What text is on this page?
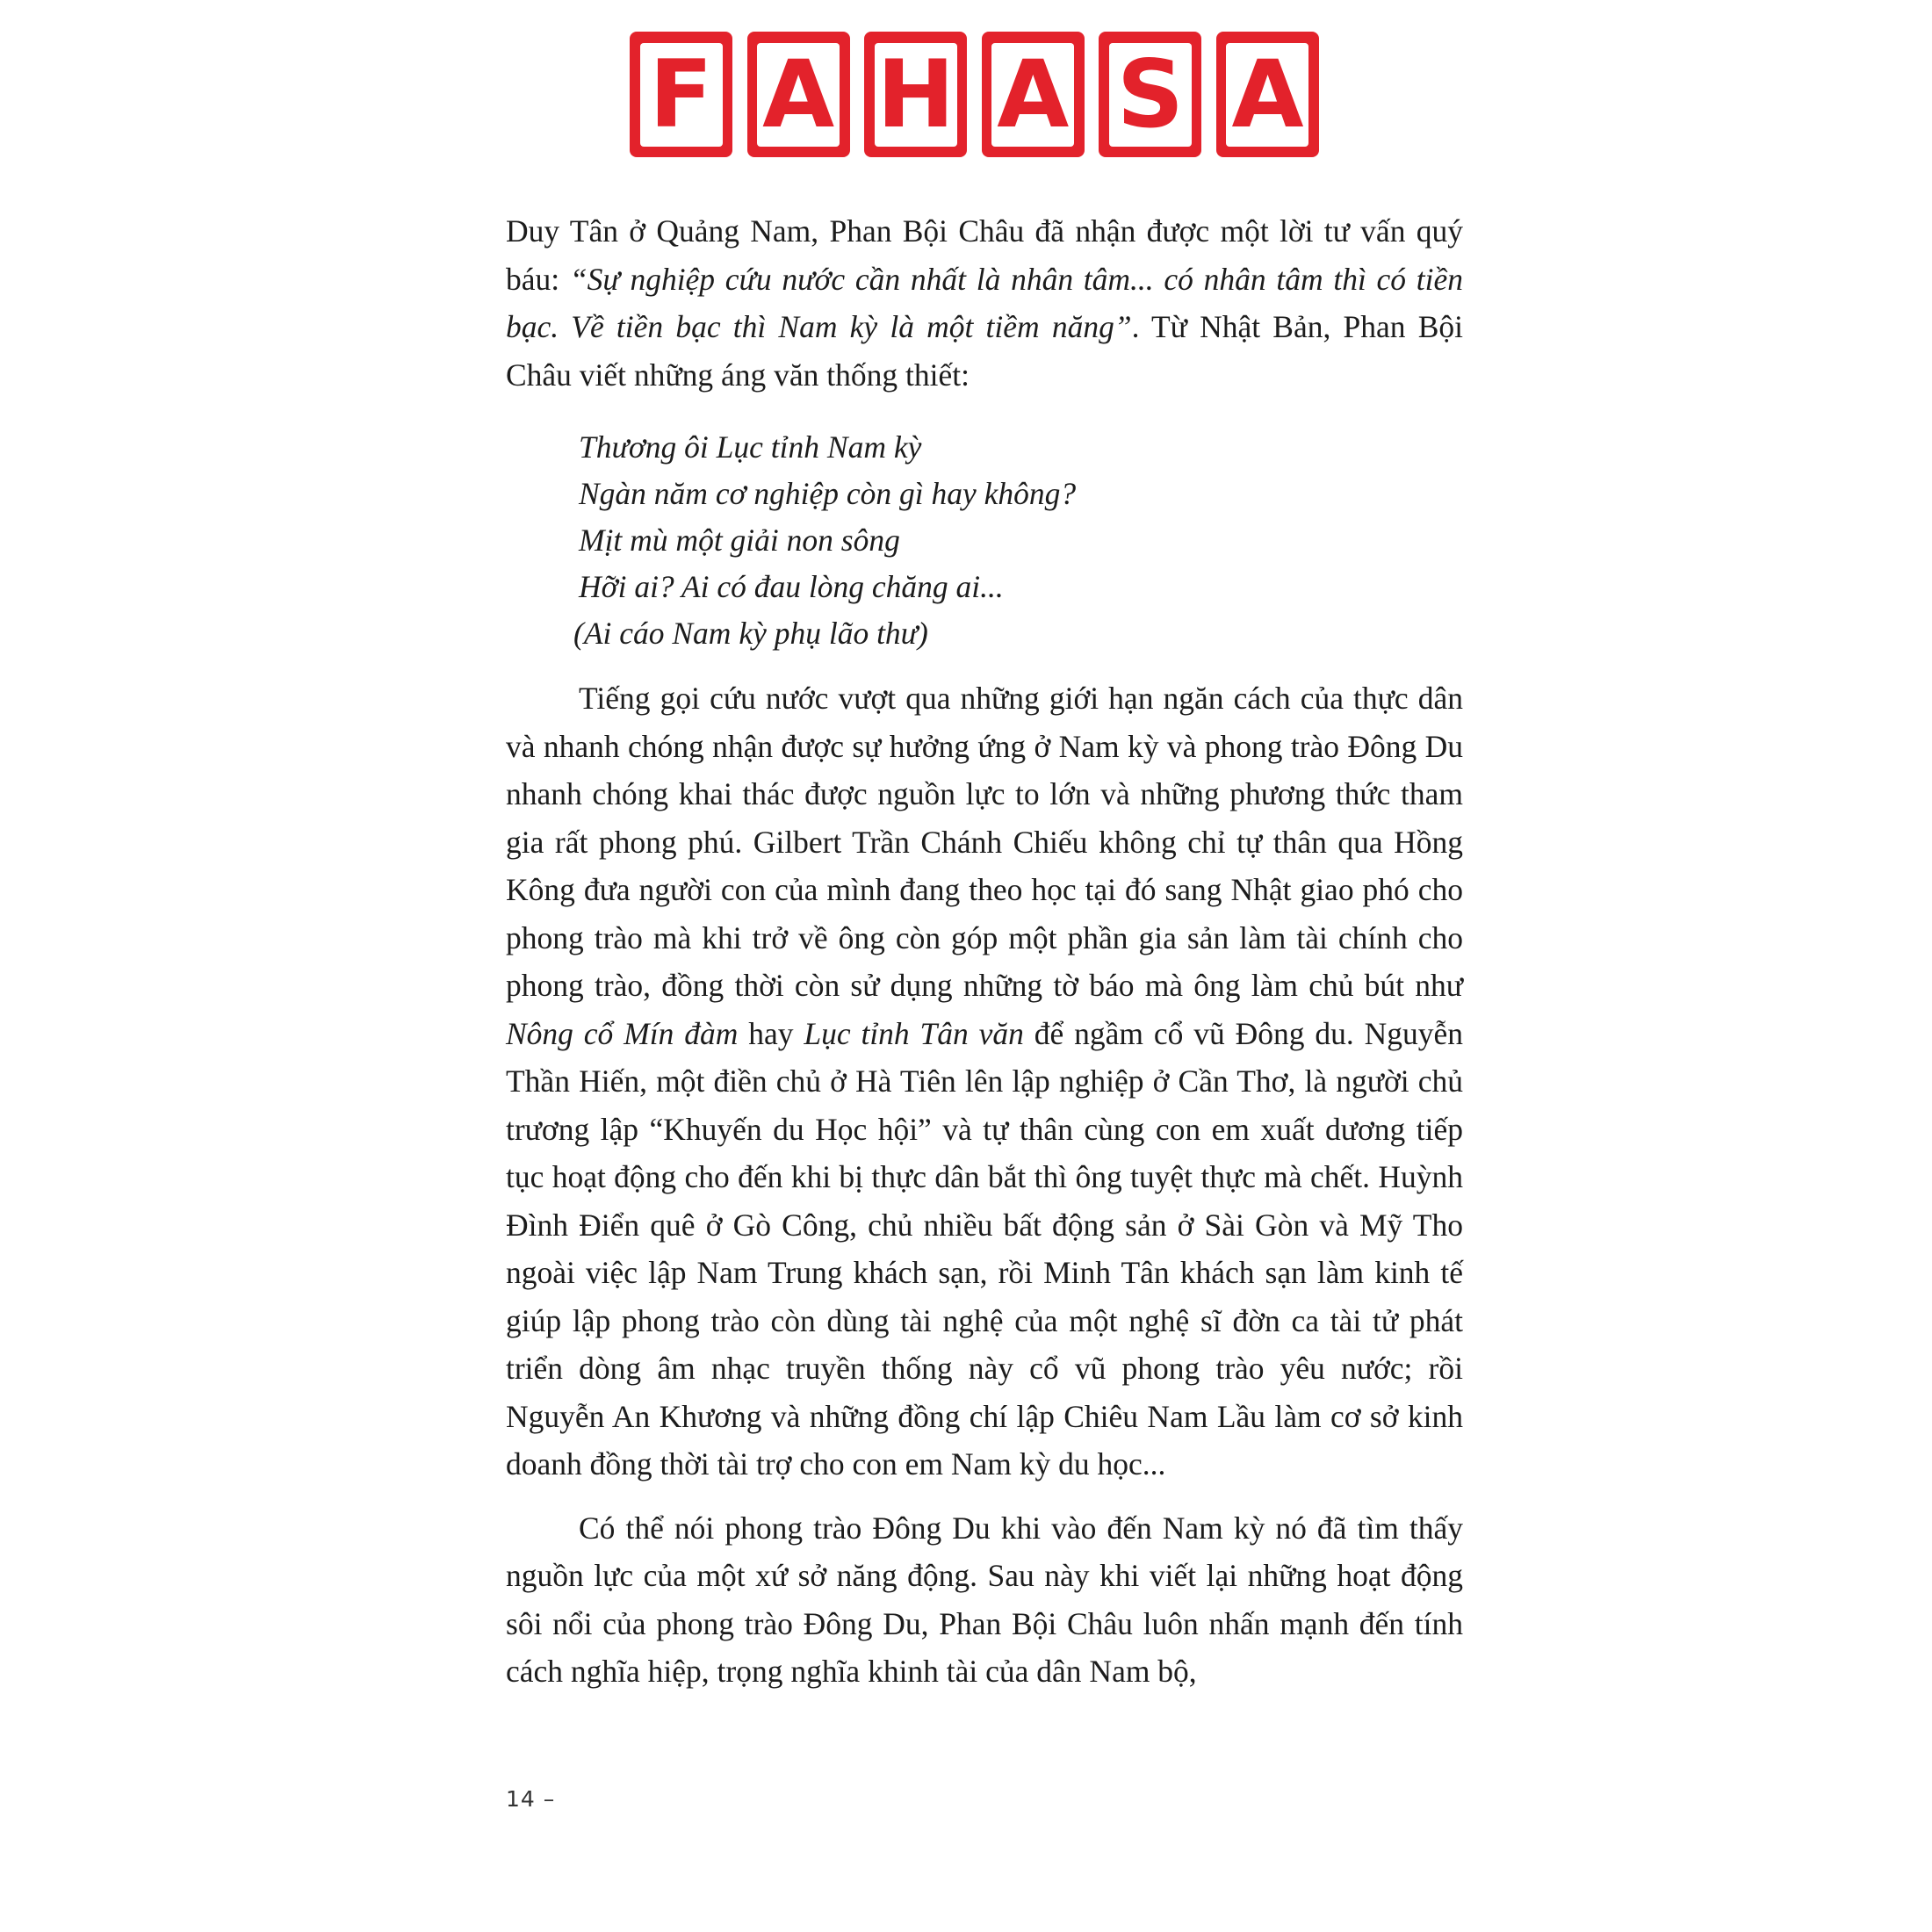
F A H A S A

Duy Tân ở Quảng Nam, Phan Bội Châu đã nhận được một lời tư vấn quý báu: “Sự nghiệp cứu nước cần nhất là nhân tâm... có nhân tâm thì có tiền bạc. Về tiền bạc thì Nam kỳ là một tiềm năng”. Từ Nhật Bản, Phan Bội Châu viết những áng văn thống thiết:

Thương ôi Lục tỉnh Nam kỳ
Ngàn năm cơ nghiệp còn gì hay không?
Mịt mù một giải non sông
Hỡi ai? Ai có đau lòng chăng ai...
(Ai cáo Nam kỳ phụ lão thư)

Tiếng gọi cứu nước vượt qua những giới hạn ngăn cách của thực dân và nhanh chóng nhận được sự hưởng ứng ở Nam kỳ và phong trào Đông Du nhanh chóng khai thác được nguồn lực to lớn và những phương thức tham gia rất phong phú. Gilbert Trần Chánh Chiếu không chỉ tự thân qua Hồng Kông đưa người con của mình đang theo học tại đó sang Nhật giao phó cho phong trào mà khi trở về ông còn góp một phần gia sản làm tài chính cho phong trào, đồng thời còn sử dụng những tờ báo mà ông làm chủ bút như Nông cổ Mín đàm hay Lục tỉnh Tân văn để ngầm cổ vũ Đông du. Nguyễn Thần Hiến, một điền chủ ở Hà Tiên lên lập nghiệp ở Cần Thơ, là người chủ trương lập “Khuyến du Học hội” và tự thân cùng con em xuất dương tiếp tục hoạt động cho đến khi bị thực dân bắt thì ông tuyệt thực mà chết. Huỳnh Đình Điển quê ở Gò Công, chủ nhiều bất động sản ở Sài Gòn và Mỹ Tho ngoài việc lập Nam Trung khách sạn, rồi Minh Tân khách sạn làm kinh tế giúp lập phong trào còn dùng tài nghệ của một nghệ sĩ đờn ca tài tử phát triển dòng âm nhạc truyền thống này cổ vũ phong trào yêu nước; rồi Nguyễn An Khương và những đồng chí lập Chiêu Nam Lầu làm cơ sở kinh doanh đồng thời tài trợ cho con em Nam kỳ du học...

Có thể nói phong trào Đông Du khi vào đến Nam kỳ nó đã tìm thấy nguồn lực của một xứ sở năng động. Sau này khi viết lại những hoạt động sôi nổi của phong trào Đông Du, Phan Bội Châu luôn nhấn mạnh đến tính cách nghĩa hiệp, trọng nghĩa khinh tài của dân Nam bộ,

14 –
